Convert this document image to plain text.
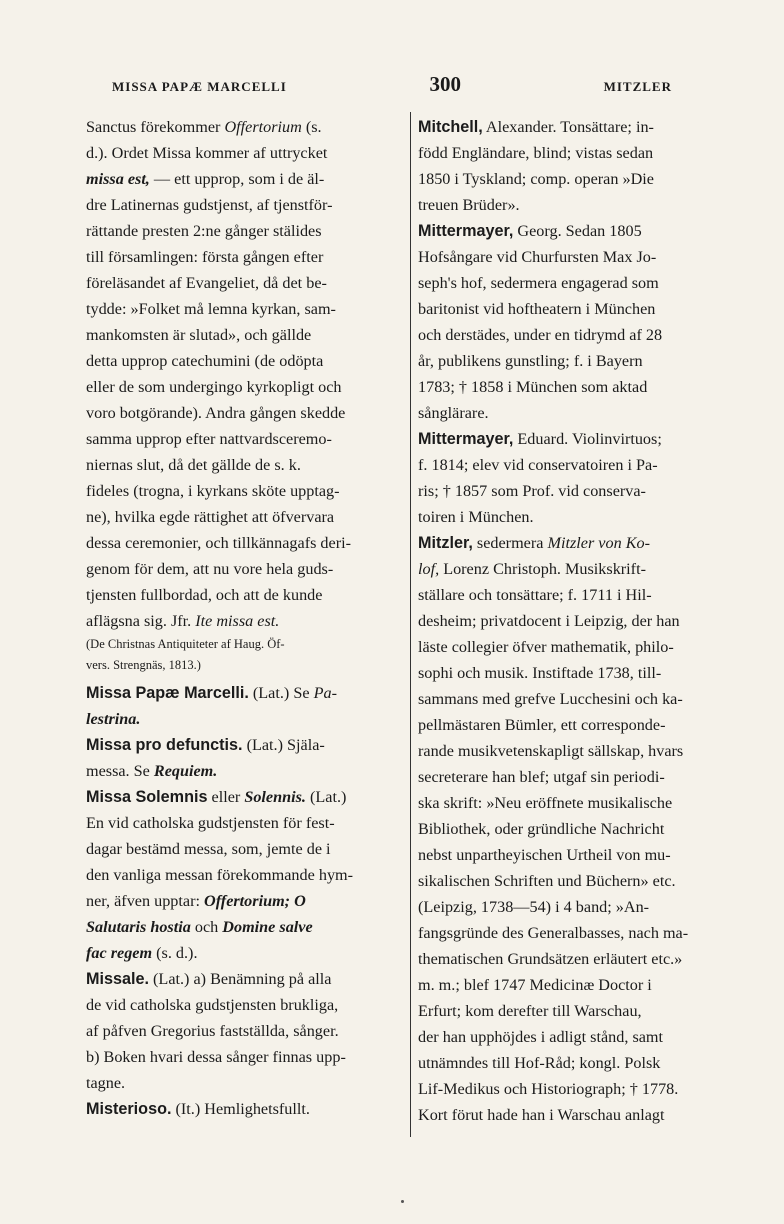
MISSA PAPÆ MARCELLI	300	MITZLER
Sanctus förekommer Offertorium (s.
d.). Ordet Missa kommer af uttrycket
missa est, — ett upprop, som i de äl-
dre Latinernas gudstjenst, af tjenstför-
rättande presten 2:ne gånger stälides
till församlingen: första gången efter
föreläsandet af Evangeliet, då det be-
tydde: »Folket må lemna kyrkan, sam-
mankomsten är slutad», och gällde
detta upprop catechumini (de odöpta
eller de som undergingo kyrkopligt och
voro botgörande). Andra gången skedde
samma upprop efter nattvardsceremo-
niernas slut, då det gällde de s. k.
fideles (trogna, i kyrkans sköte upptag-
ne), hvilka egde rättighet att öfvervara
dessa ceremonier, och tillkännagafs deri-
genom för dem, att nu vore hela guds-
tjensten fullbordad, och att de kunde
aflägsna sig. Jfr. Ite missa est.
(De Christnas Antiquiteter af Haug. Öf-
vers. Strengnäs, 1813.)
Missa Papæ Marcelli. (Lat.) Se Pa-
lestrina.
Missa pro defunctis. (Lat.) Själa-
messa. Se Requiem.
Missa Solemnis eller Solennis. (Lat.)
En vid catholska gudstjensten för fest-
dagar bestämd messa, som, jemte de i
den vanliga messan förekommande hym-
ner, äfven upptar: Offertorium; O
Salutaris hostia och Domine salve
fac regem (s. d.).
Missale. (Lat.) a) Benämning på alla
de vid catholska gudstjensten brukliga,
af påfven Gregorius fastställda, sånger.
b) Boken hvari dessa sånger finnas upp-
tagne.
Misterioso. (It.) Hemlighetsfullt.
Mitchell, Alexander. Tonsättare; in-
född Engländare, blind; vistas sedan
1850 i Tyskland; comp. operan »Die
treuen Brüder».
Mittermayer, Georg. Sedan 1805
Hofsångare vid Churfursten Max Jo-
seph's hof, sedermera engagerad som
baritonist vid hoftheatern i München
och derstädes, under en tidrymd af 28
år, publikens gunstling; f. i Bayern
1783; † 1858 i München som aktad
sånglärare.
Mittermayer, Eduard. Violinvirtuos;
f. 1814; elev vid conservatoiren i Pa-
ris; † 1857 som Prof. vid conserva-
toiren i München.
Mitzler, sedermera Mitzler von Ko-
lof, Lorenz Christoph. Musikskrift-
ställare och tonsättare; f. 1711 i Hil-
desheim; privatdocent i Leipzig, der han
läste collegier öfver mathematik, philo-
sophi och musik. Instiftade 1738, till-
sammans med grefve Lucchesini och ka-
pellmästaren Bümler, ett corresponde-
rande musikvetenskapligt sällskap, hvars
secreterare han blef; utgaf sin periodi-
ska skrift: »Neu eröffnete musikalische
Bibliothek, oder gründliche Nachricht
nebst unpartheyischen Urtheil von mu-
sikalischen Schriften und Büchern» etc.
(Leipzig, 1738—54) i 4 band; »An-
fangsgründe des Generalbasses, nach ma-
thematischen Grundsätzen erläutert etc.»
m. m.; blef 1747 Medicinæ Doctor i
Erfurt; kom derefter till Warschau,
der han upphöjdes i adligt stånd, samt
utnämndes till Hof-Råd; kongl. Polsk
Lif-Medikus och Historiograph; † 1778.
Kort förut hade han i Warschau anlagt
